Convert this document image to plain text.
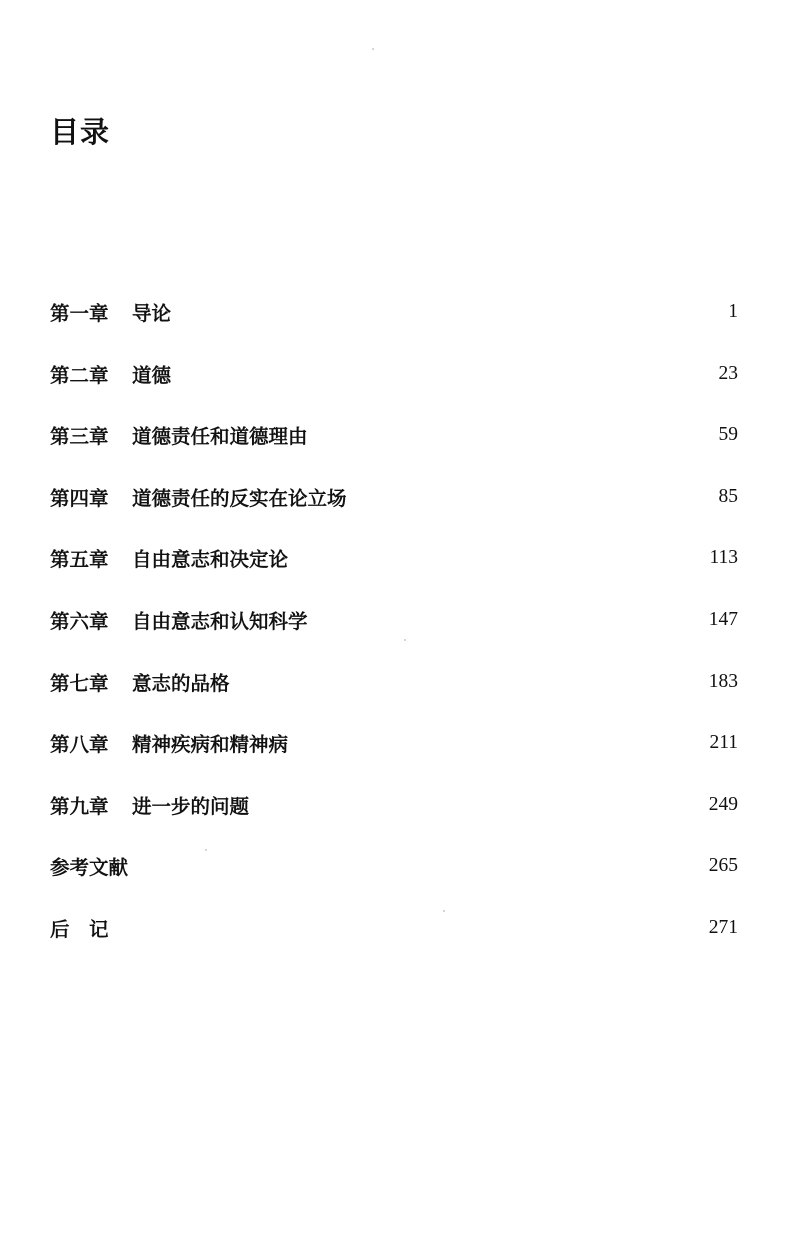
目录
第一章	导论	1
第二章	道德	23
第三章	道德责任和道德理由	59
第四章	道德责任的反实在论立场	85
第五章	自由意志和决定论	113
第六章	自由意志和认知科学	147
第七章	意志的品格	183
第八章	精神疾病和精神病	211
第九章	进一步的问题	249
参考文献	265
后　记	271
